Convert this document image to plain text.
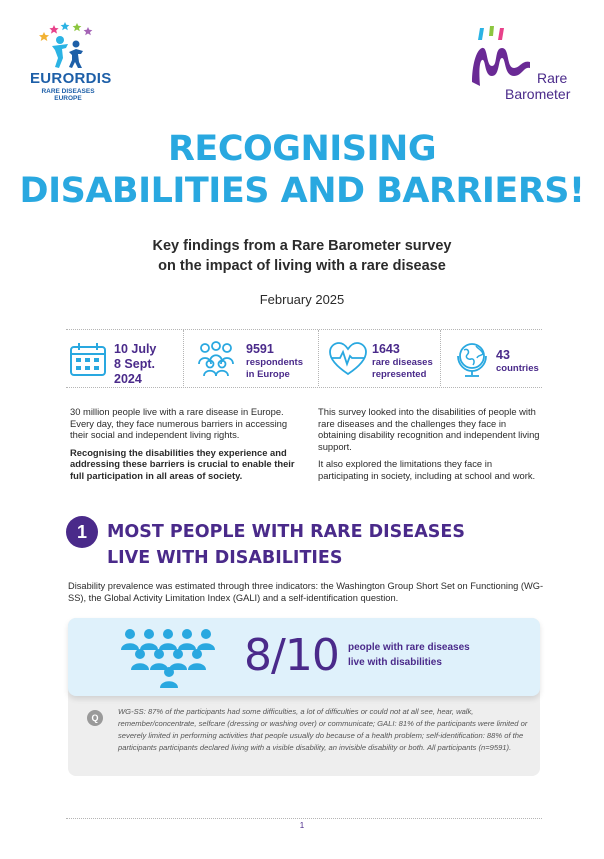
EURORDIS
RARE DISEASES EUROPE
Rare
Barometer
RECOGNISING
DISABILITIES AND BARRIERS!
Key findings from a Rare Barometer survey
on the impact of living with a rare disease
February 2025
10 July
8 Sept. 2024
9591
respondents
in Europe
1643
rare diseases
represented
43
countries

30 million people live with a rare disease in Europe. Every day, they face numerous barriers in accessing their social and independent living rights.

Recognising the disabilities they experience and addressing these barriers is crucial to enable their full participation in all areas of society.

This survey looked into the disabilities of people with rare diseases and the challenges they face in obtaining disability recognition and independent living support.

It also explored the limitations they face in participating in society, including at school and work.

1	MOST PEOPLE WITH RARE DISEASES
LIVE WITH DISABILITIES
Disability prevalence was estimated through three indicators: the Washington Group Short Set on Functioning (WG-SS), the Global Activity Limitation Index (GALI) and a self-identification question.
8/10 people with rare diseases
live with disabilities
Q
WG-SS: 87% of the participants had some difficulties, a lot of difficulties or could not at all see, hear, walk, remember/concentrate, selfcare (dressing or washing over) or communicate; GALI: 81% of the participants were limited or severely limited in performing activities that people usually do because of a health problem; self-identification: 88% of the participants participants declared living with a visible disability, an invisible disability or both. All participants (n=9591).
1
